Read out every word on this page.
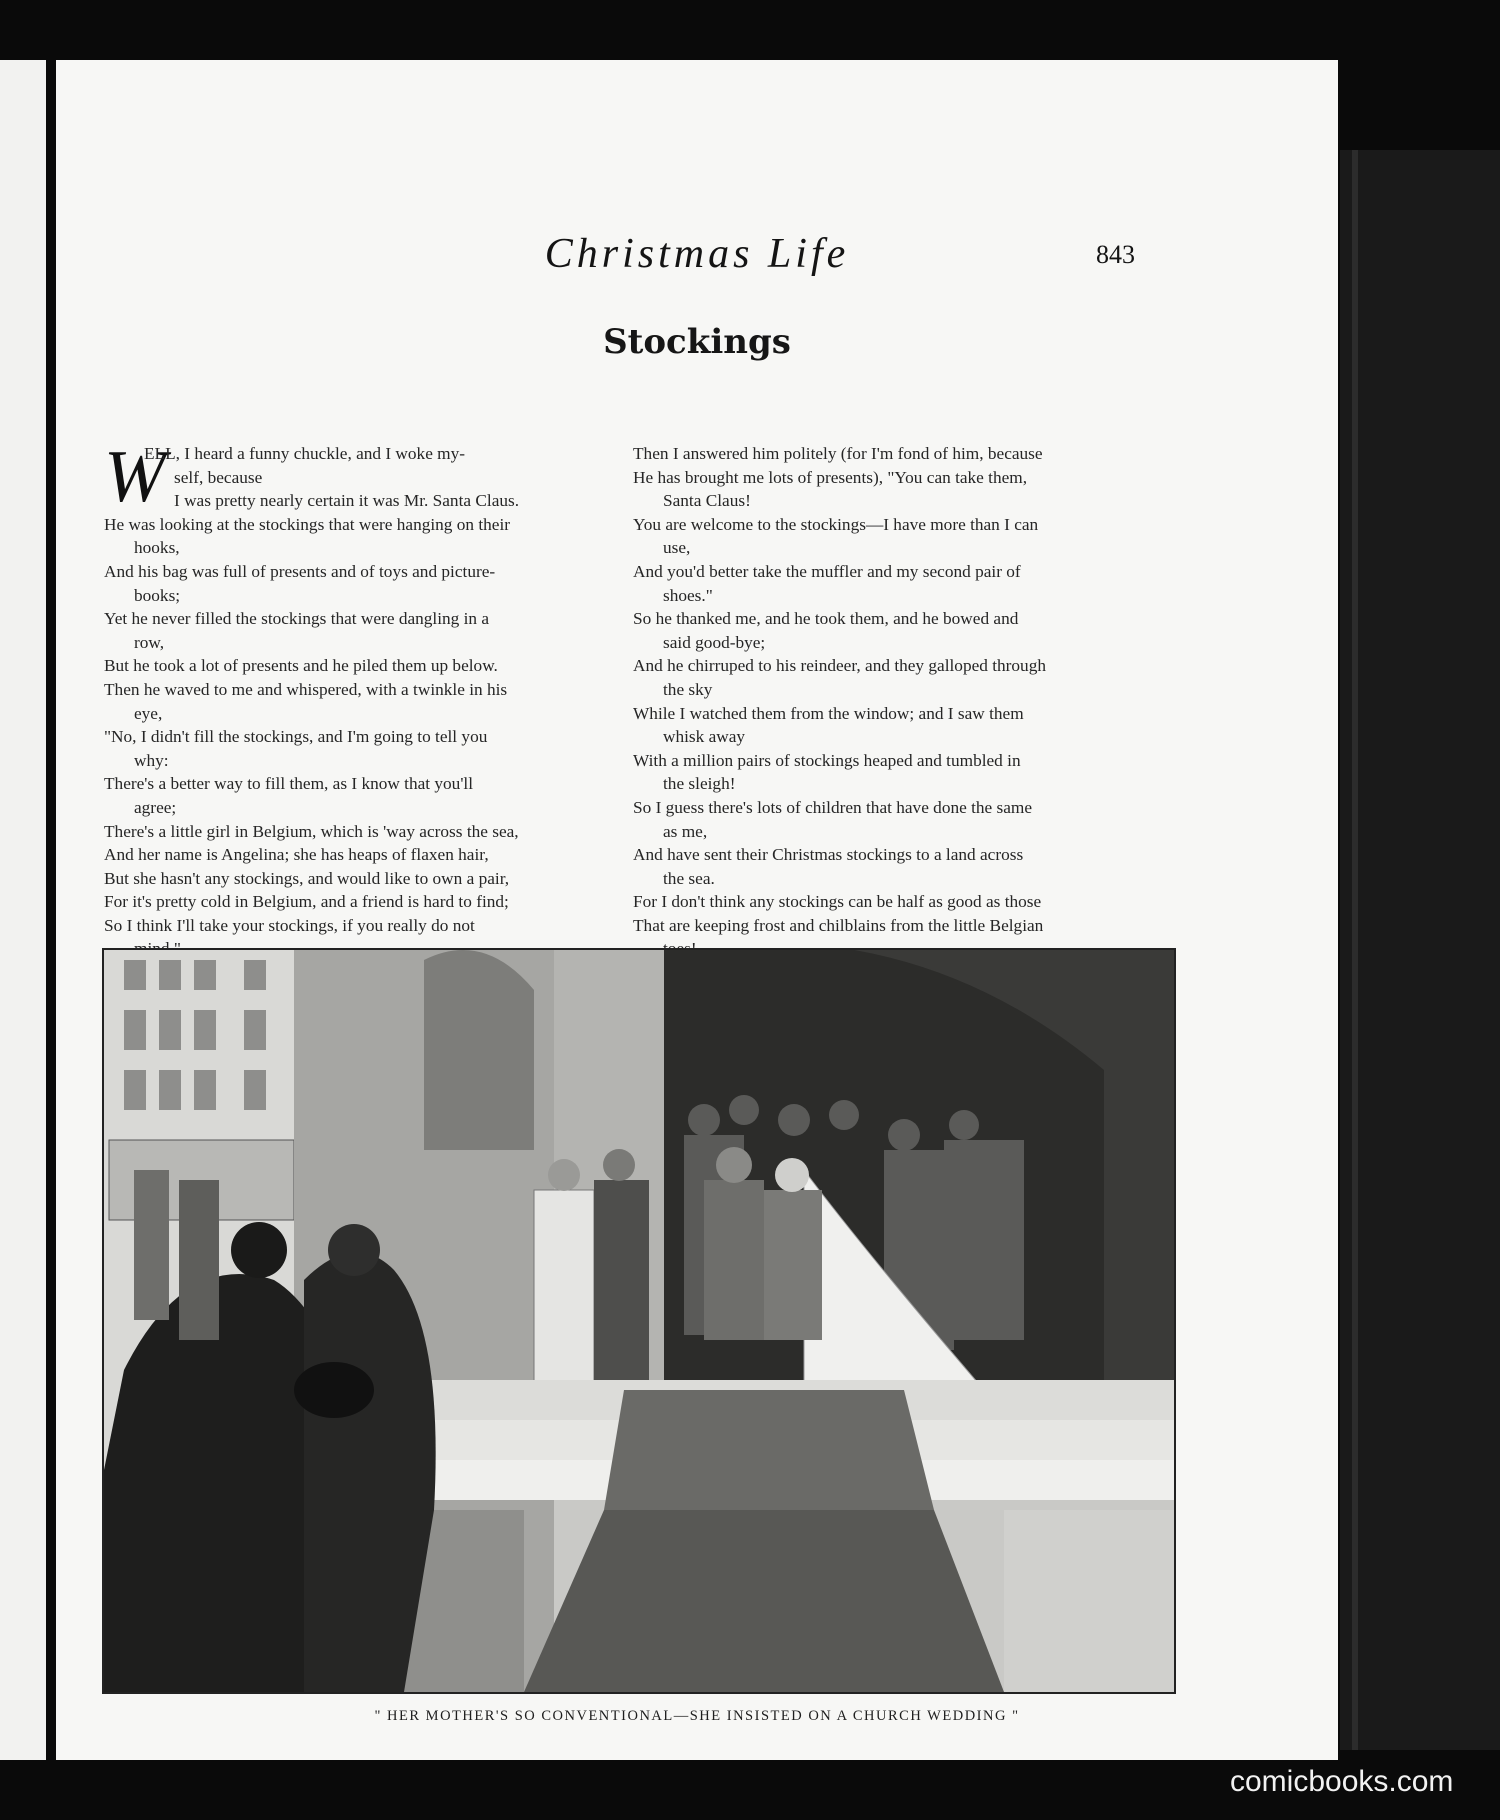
Christmas Life	843
Stockings
W
ELL, I heard a funny chuckle, and I woke my-
self, because
I was pretty nearly certain it was Mr. Santa Claus.
He was looking at the stockings that were hanging on their
hooks,
And his bag was full of presents and of toys and picture-
books;
Yet he never filled the stockings that were dangling in a
row,
But he took a lot of presents and he piled them up below.
Then he waved to me and whispered, with a twinkle in his
eye,
"No, I didn't fill the stockings, and I'm going to tell you
why:
There's a better way to fill them, as I know that you'll
agree;
There's a little girl in Belgium, which is 'way across the sea,
And her name is Angelina; she has heaps of flaxen hair,
But she hasn't any stockings, and would like to own a pair,
For it's pretty cold in Belgium, and a friend is hard to find;
So I think I'll take your stockings, if you really do not
Then I answered him politely (for I'm fond of him, because
He has brought me lots of presents), "You can take them,
Santa Claus!
You are welcome to the stockings—I have more than I can
use,
And you'd better take the muffler and my second pair of
shoes."
So he thanked me, and he took them, and he bowed and
said good-bye;
And he chirruped to his reindeer, and they galloped through
the sky
While I watched them from the window; and I saw them
whisk away
With a million pairs of stockings heaped and tumbled in
the sleigh!
So I guess there's lots of children that have done the same
as me,
And have sent their Christmas stockings to a land across
the sea.
For I don't think any stockings can be half as good as those
That are keeping frost and chilblains from the little Belgian
" HER MOTHER'S SO CONVENTIONAL—SHE INSISTED ON A CHURCH WEDDING "
comicbooks.com
